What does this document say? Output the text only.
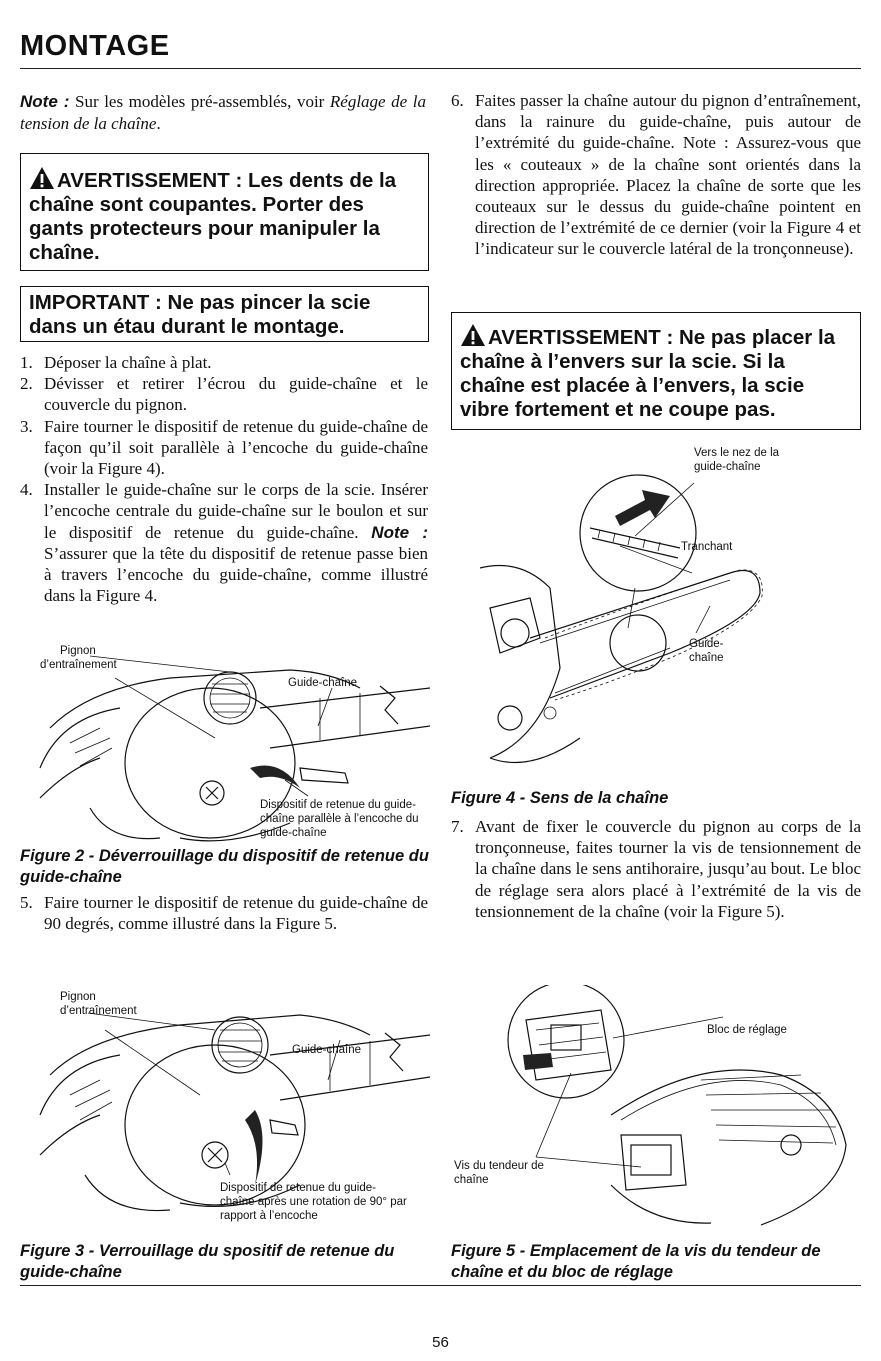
MONTAGE
Note : Sur les modèles pré-assemblés, voir Réglage de la tension de la chaîne.
AVERTISSEMENT : Les dents de la chaîne sont coupantes. Porter des gants protecteurs pour manipuler la chaîne.
IMPORTANT : Ne pas pincer la scie dans un étau durant le montage.
1. Déposer la chaîne à plat.
2. Dévisser et retirer l’écrou du guide-chaîne et le couvercle du pignon.
3. Faire tourner le dispositif de retenue du guide-chaîne de façon qu’il soit parallèle à l’encoche du guide-chaîne (voir la Figure 4).
4. Installer le guide-chaîne sur le corps de la scie. Insérer l’encoche centrale du guide-chaîne sur le boulon et sur le dispositif de retenue du guide-chaîne. Note : S’assurer que la tête du dispositif de retenue passe bien à travers l’encoche du guide-chaîne, comme illustré dans la Figure 4.
Pignon
d’entraînement
Guide-chaîne
Dispositif de retenue du guide-chaîne parallèle à l’encoche du guide-chaîne
Figure 2 - Déverrouillage du dispositif de retenue du guide-chaîne
5. Faire tourner le dispositif de retenue du guide-chaîne de 90 degrés, comme illustré dans la Figure 5.
Pignon
d’entraînement
Guide-chaîne
Dispositif de retenue du guide-chaîne après une rotation de 90° par rapport à l’encoche
Figure 3 - Verrouillage du spositif de retenue du guide-chaîne
6. Faites passer la chaîne autour du pignon d’entraînement, dans la rainure du guide-chaîne, puis autour de l’extrémité du guide-chaîne. Note : Assurez-vous que les « couteaux » de la chaîne sont orientés dans la direction appropriée. Placez la chaîne de sorte que les couteaux sur le dessus du guide-chaîne pointent en direction de l’extrémité de ce dernier (voir la Figure 4 et l’indicateur sur le couvercle latéral de la tronçonneuse).
AVERTISSEMENT : Ne pas placer la chaîne à l’envers sur la scie. Si la chaîne est placée à l’envers, la scie vibre fortement et ne coupe pas.
Vers le nez de la guide-chaîne
Tranchant
Guide-chaîne
Figure 4 - Sens de la chaîne
7. Avant de fixer le couvercle du pignon au corps de la tronçonneuse, faites tourner la vis de tensionnement de la chaîne dans le sens antihoraire, jusqu’au bout. Le bloc de réglage sera alors placé à l’extrémité de la vis de tensionnement de la chaîne (voir la Figure 5).
Bloc de réglage
Vis du tendeur de chaîne
Figure 5 - Emplacement de la vis du tendeur de chaîne et du bloc de réglage
56
